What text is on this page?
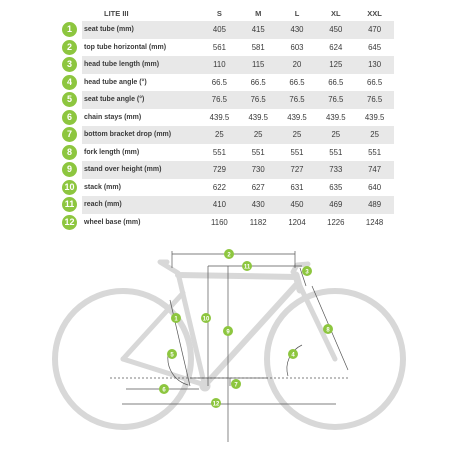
	LITE III	S	M	L	XL	XXL
1	seat tube (mm)	405	415	430	450	470
2	top tube horizontal (mm)	561	581	603	624	645
3	head tube length (mm)	110	115	20	125	130
4	head tube angle (°)	66.5	66.5	66.5	66.5	66.5
5	seat tube angle (°)	76.5	76.5	76.5	76.5	76.5
6	chain stays (mm)	439.5	439.5	439.5	439.5	439.5
7	bottom bracket drop (mm)	25	25	25	25	25
8	fork length (mm)	551	551	551	551	551
9	stand over height (mm)	729	730	727	733	747
10	stack (mm)	622	627	631	635	640
11	reach (mm)	410	430	450	469	489
12	wheel base (mm)	1160	1182	1204	1226	1248
1
2
3
4
5
6
7
8
9
10
11
12
